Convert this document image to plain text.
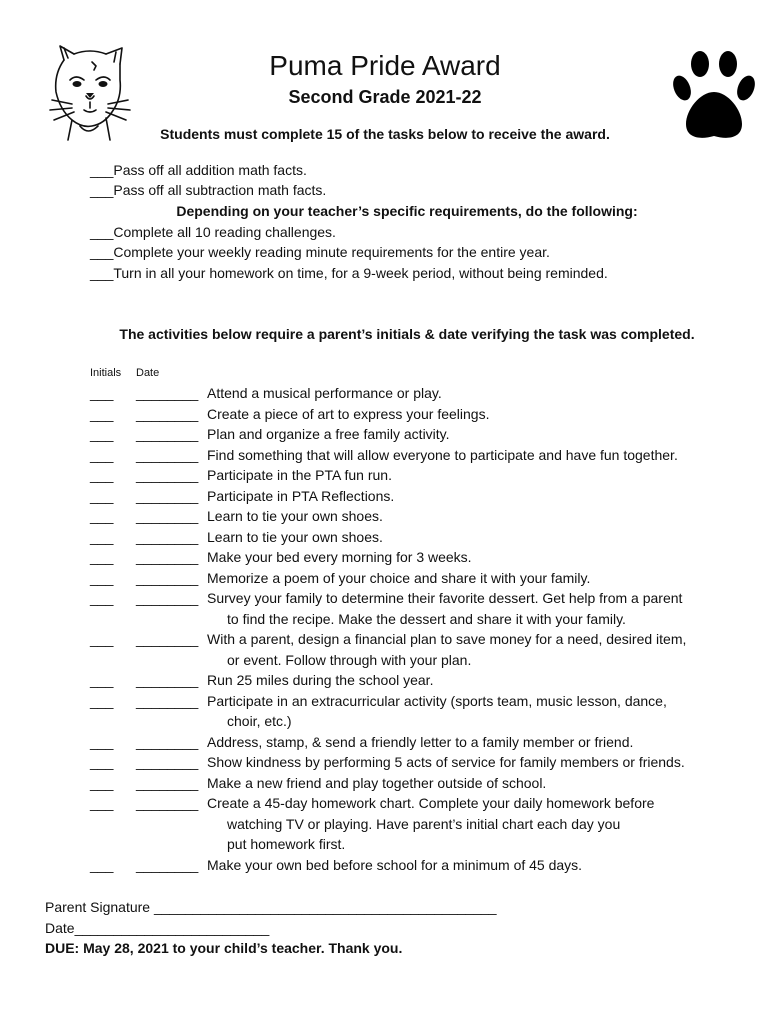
Puma Pride Award
Second Grade 2021-22
Students must complete 15 of the tasks below to receive the award.
___Pass off all addition math facts.
___Pass off all subtraction math facts.
Depending on your teacher’s specific requirements, do the following:
___Complete all 10 reading challenges.
___Complete your weekly reading minute requirements for the entire year.
___Turn in all your homework on time, for a 9-week period, without being reminded.
The activities below require a parent’s initials & date verifying the task was completed.
Initials Date
___ ________ Attend a musical performance or play.
___ ________ Create a piece of art to express your feelings.
___ ________ Plan and organize a free family activity.
___ ________ Find something that will allow everyone to participate and have fun together.
___ ________ Participate in the PTA fun run.
___ ________ Participate in PTA Reflections.
___ ________ Learn to tie your own shoes.
___ ________ Learn to tie your own shoes.
___ ________ Make your bed every morning for 3 weeks.
___ ________ Memorize a poem of your choice and share it with your family.
___ ________ Survey your family to determine their favorite dessert. Get help from a parent
to find the recipe. Make the dessert and share it with your family.
___ ________ With a parent, design a financial plan to save money for a need, desired item,
or event. Follow through with your plan.
___ ________ Run 25 miles during the school year.
___ ________ Participate in an extracurricular activity (sports team, music lesson, dance,
choir, etc.)
___ ________ Address, stamp, & send a friendly letter to a family member or friend.
___ ________ Show kindness by performing 5 acts of service for family members or friends.
___ ________ Make a new friend and play together outside of school.
___ ________ Create a 45-day homework chart. Complete your daily homework before
watching TV or playing. Have parent’s initial chart each day you
put homework first.
___ ________ Make your own bed before school for a minimum of 45 days.
Parent Signature ____________________________________________
Date_________________________
DUE: May 28, 2021 to your child’s teacher. Thank you.
